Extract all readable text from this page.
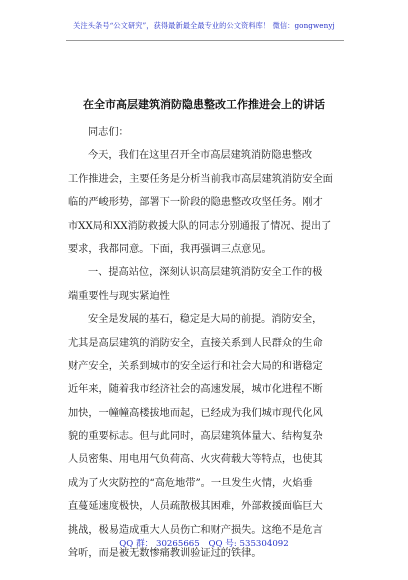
关注头条号“公文研究”，获得最新最全最专业的公文资料库！ 微信：gongwenyj
在全市高层建筑消防隐患整改工作推进会上的讲话
同志们：
今天，我们在这里召开全市高层建筑消防隐患整改
工作推进会，主要任务是分析当前我市高层建筑消防安全面
临的严峻形势，部署下一阶段的隐患整改攻坚任务。刚才
市XX局和XX消防救援大队的同志分别通报了情况、提出了
要求，我都同意。下面，我再强调三点意见。
一、提高站位，深刻认识高层建筑消防安全工作的极
端重要性与现实紧迫性
安全是发展的基石，稳定是大局的前提。消防安全，
尤其是高层建筑的消防安全，直接关系到人民群众的生命
财产安全，关系到城市的安全运行和社会大局的和谐稳定
近年来，随着我市经济社会的高速发展，城市化进程不断
加快，一幢幢高楼拔地而起，已经成为我们城市现代化风
貌的重要标志。但与此同时，高层建筑体量大、结构复杂
人员密集、用电用气负荷高、火灾荷载大等特点，也使其
成为了火灾防控的“高危地带”。一旦发生火情，火焰垂
直蔓延速度极快，人员疏散极其困难，外部救援面临巨大
挑战，极易造成重大人员伤亡和财产损失。这绝不是危言
耸听，而是被无数惨痛教训验证过的铁律。
QQ 群： 30265665 QQ 号: 535304092
